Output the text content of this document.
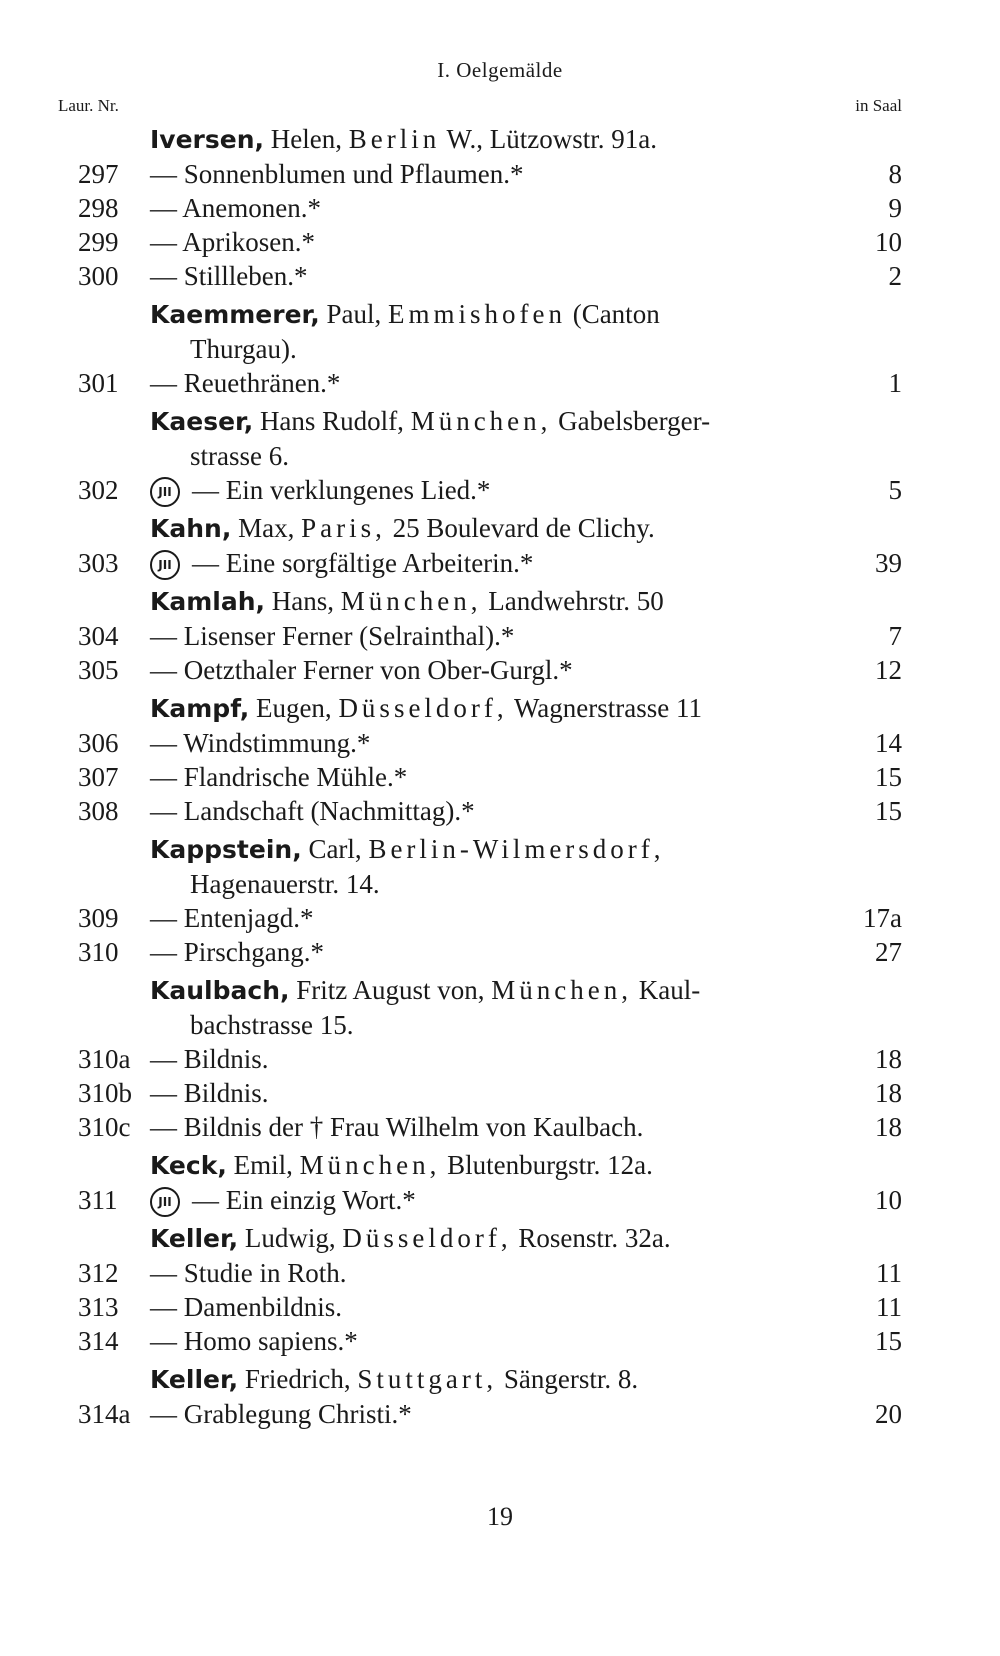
I. Oelgemälde
Laur. Nr.	in Saal
Iversen, Helen, Berlin W., Lützowstr. 91a.
297 — Sonnenblumen und Pflaumen.*	8
298 — Anemonen.*	9
299 — Aprikosen.*	10
300 — Stillleben.*	2
Kaemmerer, Paul, Emmishofen (Canton
Thurgau).
301 — Reuethränen.*	1
Kaeser, Hans Rudolf, München, Gabelsberger-
strasse 6.
302	JII — Ein verklungenes Lied.*	5
Kahn, Max, Paris, 25 Boulevard de Clichy.
303	JII — Eine sorgfältige Arbeiterin.*	39
Kamlah, Hans, München, Landwehrstr. 50
304 — Lisenser Ferner (Selrainthal).*	7
305 — Oetzthaler Ferner von Ober-Gurgl.*	12
Kampf, Eugen, Düsseldorf, Wagnerstrasse 11
306 — Windstimmung.*	14
307 — Flandrische Mühle.*	15
308 — Landschaft (Nachmittag).*	15
Kappstein, Carl, Berlin-Wilmersdorf,
Hagenauerstr. 14.
309 — Entenjagd.*	17a
310 — Pirschgang.*	27
Kaulbach, Fritz August von, München, Kaul-
bachstrasse 15.
310a — Bildnis.	18
310b — Bildnis.	18
310c — Bildnis der † Frau Wilhelm von Kaulbach.	18
Keck, Emil, München, Blutenburgstr. 12a.
311	JII — Ein einzig Wort.*	10
Keller, Ludwig, Düsseldorf, Rosenstr. 32a.
312 — Studie in Roth.	11
313 — Damenbildnis.	11
314 — Homo sapiens.*	15
Keller, Friedrich, Stuttgart, Sängerstr. 8.
314a — Grablegung Christi.*	20
19
